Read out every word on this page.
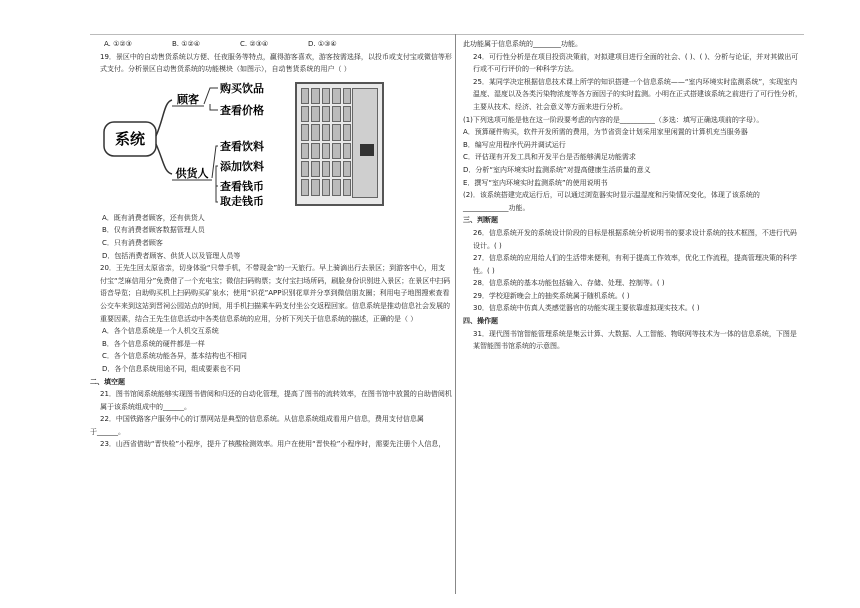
A. ①②③	B. ①②④	C. ②③④	D. ①③④

19．景区中的自动售货系统以方便、任夜服务等特点，赢得游客喜欢，游客按需选择，以投币或支付宝或微信等形式支付。分析景区自动售货系统的功能模块（如图示），自动售货系统的用户（ ）

系统
顾客
供货人
购买饮品
查看价格
查看饮料
添加饮料
查看钱币
取走钱币

A．既有消费者顾客，还有供货人

B．仅有消费者顾客数据管理人员

C．只有消费者顾客

D．包括消费者顾客、供货人以及管理人员等

20．王先生回太原省亲，切身体验“只带手机，不带现金”的一天旅行。早上骑滴出行去景区；到游客中心，用支付宝“芝麻信用分”免费借了一个充电宝；微信扫码购票；支付宝扫场所码，刷脸身份识别进入景区；在景区中扫码语音导览；自助购买机上扫码购买矿泉水；使用“识花”APP识别花草并分享到微信朋友圈；利用电子地图搜索查看公交车来到这站到晋祠公园站点的时间，用手机扫描乘车码支付坐公交返程回家。信息系统是推动信息社会发展的重要因素，结合王先生信息活动中各类信息系统的应用，分析下列关于信息系统的描述，正确的是（ ）

A．各个信息系统是一个人机交互系统

B．各个信息系统的硬件都是一样

C．各个信息系统功能各异，基本结构也不相同

D．各个信息系统用途不同，组成要素也不同

二、填空题

21．图书馆阅系统能够实现图书借阅和归还的自动化管理，提高了图书的流转效率，在图书馆中放置的自助借阅机属于该系统组成中的______。

22．中国铁路客户服务中心的订票网站是典型的信息系统。从信息系统组成看用户信息，费用支付信息属

于______。

23．山西省借助“晋快检”小程序，提升了核酸检测效率。用户在使用“晋快检”小程序时，需要先注册个人信息，

此功能属于信息系统的________功能。

24．可行性分析是在项目投资决策前，对拟建项目进行全面的社会、( )、( )、分析与论证，并对其做出可行或不可行评价的一种科学方法。

25．某同学决定根据信息技术课上所学的知识搭建一个信息系统——“室内环境实时监测系统”，实现室内温度、湿度以及各类污染物浓度等各方面因子的实时监测。小明在正式搭建该系统之前进行了可行性分析，主要从技术、经济、社会意义等方面来进行分析。

(1)下列选项可能是他在这一阶段要考虑的内容的是__________（多选：填写正确选项前的字母）。

A．预算硬件购买，软件开发所需的费用，为节省资金计划采用家里闲置的计算机充当服务器

B．编写应用程序代码并调试运行

C．评估现有开发工具和开发平台是否能够满足功能需求

D．分析“室内环境实时监测系统”对提高健康生活质量的意义

E．撰写“室内环境实时监测系统”的使用说明书

(2)．该系统搭建完成运行后，可以通过浏览器实时显示温湿度和污染情况变化，体现了该系统的_____________功能。

三、判断题

26．信息系统开发的系统设计阶段的目标是根据系统分析说明书的要求设计系统的技术框图，不进行代码设计。( )

27．信息系统的应用给人们的生活带来便利，有利于提高工作效率，优化工作流程，提高管理决策的科学性。( )

28．信息系统的基本功能包括输入、存储、处理、控制等。( )

29．学校迎新晚会上的抽奖系统属于随机系统。( )

30．信息系统中仿真人类感觉器官的功能实现主要依靠虚拟现实技术。( )

四、操作题

31．现代图书馆智能管理系统是集云计算、大数据、人工智能、物联网等技术为一体的信息系统，下图是某智能图书馆系统的示意图。
